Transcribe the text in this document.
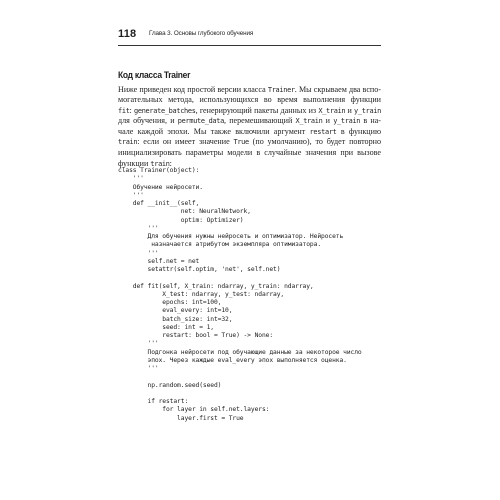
118 Глава 3. Основы глубокого обучения
Код класса Trainer
Ниже приведен код простой версии класса Trainer. Мы скрываем два вспо-
могательных метода, использующихся во время выполнения функции
fit: generate_batches, генерирующий пакеты данных из X_train и y_train
для обучения, и permute_data, перемешивающий X_train и y_train в на-
чале каждой эпохи. Мы также включили аргумент restart в функцию
train: если он имеет значение True (по умолчанию), то будет повторно
инициализировать параметры модели в случайные значения при вызове
функции train:
class Trainer(object):
'''
Обучение нейросети.
'''
def __init__(self,
net: NeuralNetwork,
optim: Optimizer)
'''
Для обучения нужны нейросеть и оптимизатор. Нейросеть
назначается атрибутом экземпляра оптимизатора.
'''
self.net = net
setattr(self.optim, 'net', self.net)
def fit(self, X_train: ndarray, y_train: ndarray,
X_test: ndarray, y_test: ndarray,
epochs: int=100,
eval_every: int=10,
batch_size: int=32,
seed: int = 1,
restart: bool = True) -> None:
'''
Подгонка нейросети под обучающие данные за некоторое число
эпох. Через каждые eval_every эпох выполняется оценка.
'''
np.random.seed(seed)
if restart:
for layer in self.net.layers:
layer.first = True
